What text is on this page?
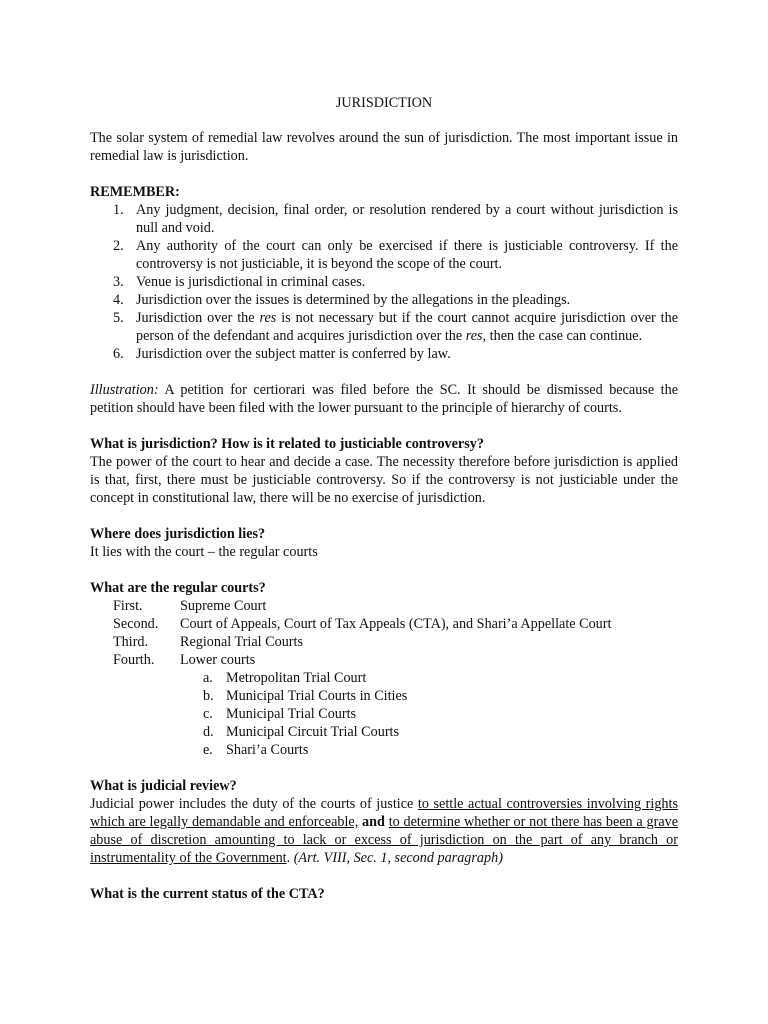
JURISDICTION

The solar system of remedial law revolves around the sun of jurisdiction. The most important issue in remedial law is jurisdiction.

REMEMBER:

1. Any judgment, decision, final order, or resolution rendered by a court without jurisdiction is null and void.
2. Any authority of the court can only be exercised if there is justiciable controversy. If the controversy is not justiciable, it is beyond the scope of the court.
3. Venue is jurisdictional in criminal cases.
4. Jurisdiction over the issues is determined by the allegations in the pleadings.
5. Jurisdiction over the res is not necessary but if the court cannot acquire jurisdiction over the person of the defendant and acquires jurisdiction over the res, then the case can continue.
6. Jurisdiction over the subject matter is conferred by law.

Illustration: A petition for certiorari was filed before the SC. It should be dismissed because the petition should have been filed with the lower pursuant to the principle of hierarchy of courts.

What is jurisdiction? How is it related to justiciable controversy?

The power of the court to hear and decide a case. The necessity therefore before jurisdiction is applied is that, first, there must be justiciable controversy. So if the controversy is not justiciable under the concept in constitutional law, there will be no exercise of jurisdiction.

Where does jurisdiction lies?

It lies with the court – the regular courts

What are the regular courts?

First.	Supreme Court
Second.	Court of Appeals, Court of Tax Appeals (CTA), and Shari’a Appellate Court
Third.	Regional Trial Courts
Fourth.	Lower courts
a. Metropolitan Trial Court
b. Municipal Trial Courts in Cities
c. Municipal Trial Courts
d. Municipal Circuit Trial Courts
e. Shari’a Courts

What is judicial review?

Judicial power includes the duty of the courts of justice to settle actual controversies involving rights which are legally demandable and enforceable, and to determine whether or not there has been a grave abuse of discretion amounting to lack or excess of jurisdiction on the part of any branch or instrumentality of the Government. (Art. VIII, Sec. 1, second paragraph)

What is the current status of the CTA?
